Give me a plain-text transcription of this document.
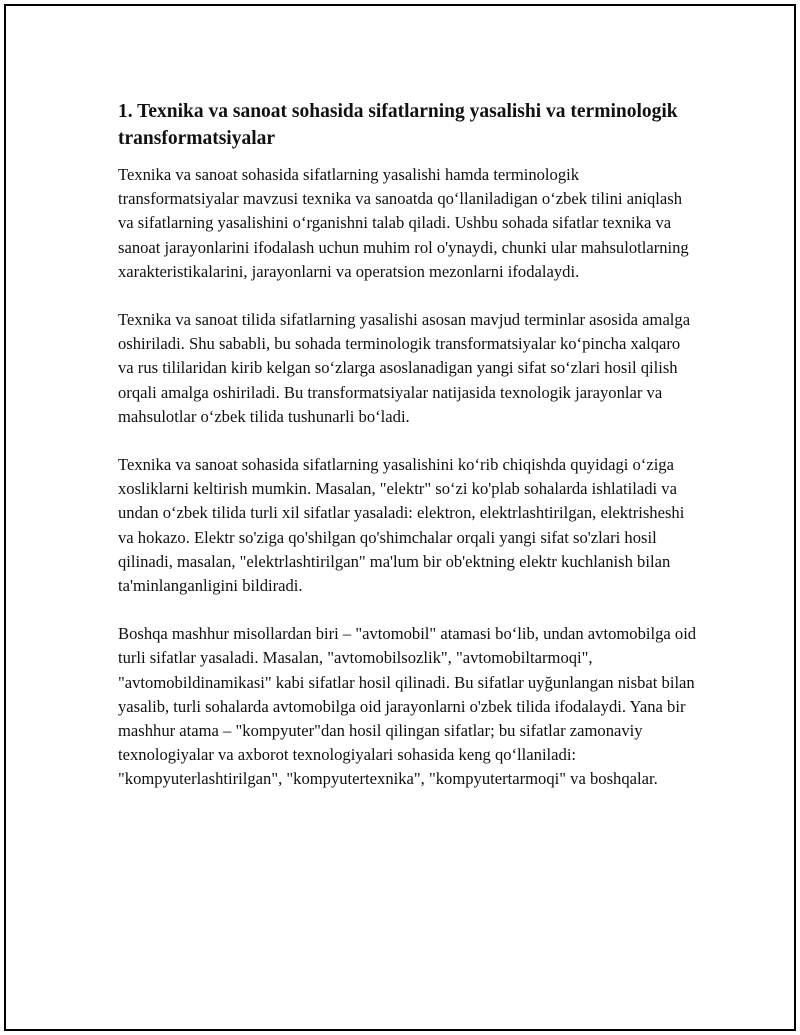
1. Texnika va sanoat sohasida sifatlarning yasalishi va terminologik transformatsiyalar

Texnika va sanoat sohasida sifatlarning yasalishi hamda terminologik transformatsiyalar mavzusi texnika va sanoatda qo‘llaniladigan o‘zbek tilini aniqlash va sifatlarning yasalishini o‘rganishni talab qiladi. Ushbu sohada sifatlar texnika va sanoat jarayonlarini ifodalash uchun muhim rol o'ynaydi, chunki ular mahsulotlarning xarakteristikalarini, jarayonlarni va operatsion mezonlarni ifodalaydi.

Texnika va sanoat tilida sifatlarning yasalishi asosan mavjud terminlar asosida amalga oshiriladi. Shu sababli, bu sohada terminologik transformatsiyalar ko‘pincha xalqaro va rus tililaridan kirib kelgan so‘zlarga asoslanadigan yangi sifat so‘zlari hosil qilish orqali amalga oshiriladi. Bu transformatsiyalar natijasida texnologik jarayonlar va mahsulotlar o‘zbek tilida tushunarli bo‘ladi.

Texnika va sanoat sohasida sifatlarning yasalishini ko‘rib chiqishda quyidagi o‘ziga xosliklarni keltirish mumkin. Masalan, "elektr" so‘zi ko'plab sohalarda ishlatiladi va undan o‘zbek tilida turli xil sifatlar yasaladi: elektron, elektrlashtirilgan, elektrisheshi va hokazo. Elektr so'ziga qo'shilgan qo'shimchalar orqali yangi sifat so'zlari hosil qilinadi, masalan, "elektrlashtirilgan" ma'lum bir ob'ektning elektr kuchlanish bilan ta'minlanganligini bildiradi.

Boshqa mashhur misollardan biri – "avtomobil" atamasi bo‘lib, undan avtomobilga oid turli sifatlar yasaladi. Masalan, "avtomobilsozlik", "avtomobiltarmoqi", "avtomobildinamikasi" kabi sifatlar hosil qilinadi. Bu sifatlar uyğunlangan nisbat bilan yasalib, turli sohalarda avtomobilga oid jarayonlarni o'zbek tilida ifodalaydi. Yana bir mashhur atama – "kompyuter"dan hosil qilingan sifatlar; bu sifatlar zamonaviy texnologiyalar va axborot texnologiyalari sohasida keng qo‘llaniladi: "kompyuterlashtirilgan", "kompyutertexnika", "kompyutertarmoqi" va boshqalar.
